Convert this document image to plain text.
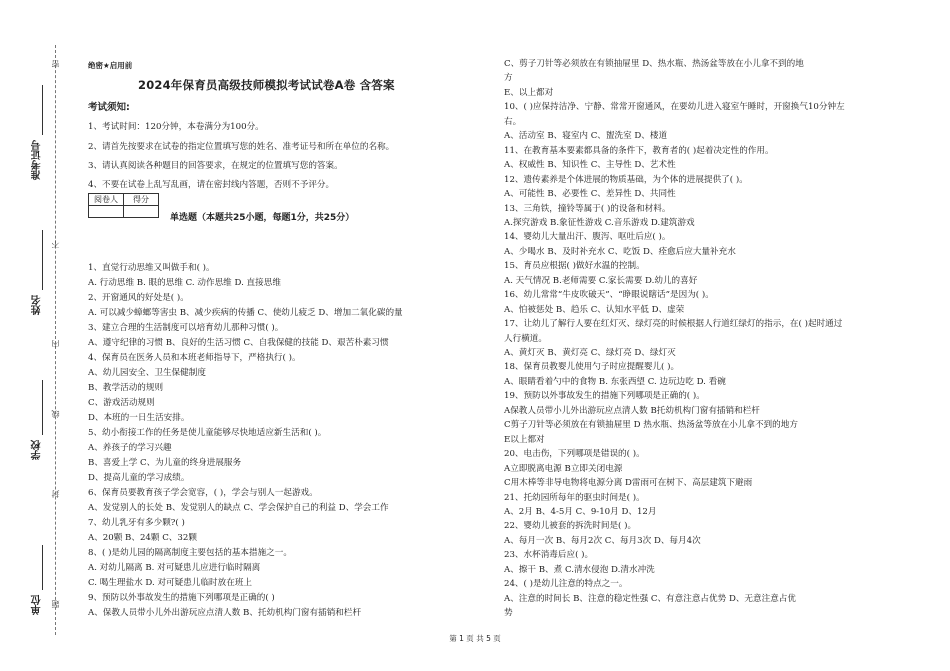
准考证号
姓名
学校
单位
密
不
内
线
封
题
绝密★启用前
2024年保育员高级技师模拟考试试卷A卷 含答案
考试须知:
1、考试时间：120分钟，本卷满分为100分。
2、请首先按要求在试卷的指定位置填写您的姓名、准考证号和所在单位的名称。
3、请认真阅读各种题目的回答要求，在规定的位置填写您的答案。
4、不要在试卷上乱写乱画，请在密封线内答题，否则不予评分。
阅卷人	得分

单选题（本题共25小题，每题1分，共25分）
1、直觉行动思维又叫做手和( )。
A. 行动思维 B. 眼的思维 C. 动作思维 D. 直接思维
2、开窗通风的好处是( )。
A. 可以减少蟑螂等害虫 B、减少疾病的传播 C、使幼儿疲乏 D、增加二氧化碳的量
3、建立合理的生活制度可以培育幼儿那种习惯( )。
A、遵守纪律的习惯 B、良好的生活习惯 C、自我保健的技能 D、艰苦朴素习惯
4、保育员在医务人员和本班老师指导下，严格执行( )。
A、幼儿园安全、卫生保健制度
B、教学活动的规则
C、游戏活动规则
D、本班的一日生活安排。
5、幼小衔接工作的任务是使儿童能够尽快地适应新生活和( )。
A、养孩子的学习兴趣
B、喜爱上学 C、为儿童的终身进展服务
D、提高儿童的学习成绩。
6、保育员要教育孩子学会宽容，( )，学会与别人一起游戏。
A、发觉别人的长处 B、发觉别人的缺点 C、学会保护自己的利益 D、学会工作
7、幼儿乳牙有多少颗?( )
A、20颗 B、24颗 C、32颗
8、( )是幼儿园的隔离制度主要包括的基本措施之一。
A. 对幼儿隔离 B. 对可疑患儿应进行临时隔离
C. 喝生理盐水 D. 对可疑患儿临时放在班上
9、预防以外事故发生的措施下列哪项是正确的( )
A、保教人员带小儿外出游玩应点清人数 B、托幼机构门窗有插销和栏杆
C、剪子刀针等必须放在有锁抽屉里 D、热水瓶、热汤盆等放在小儿拿不到的地
方
E、以上都对
10、( )应保持洁净、宁静、常常开窗通风，在要幼儿进入寝室午睡时，开窗换气10分钟左
右。
A、活动室 B、寝室内 C、盥洗室 D、楼道
11、在教育基本要素都具备的条件下，教育者的( )起着决定性的作用。
A、权威性 B、知识性 C、主导性 D、艺术性
12、遗传素养是个体进展的物质基础，为个体的进展提供了( )。
A、可能性 B、必要性 C、差异性 D、共同性
13、三角铁，撞铃等属于( )的设备和材料。
A.探究游戏 B.象征性游戏 C.音乐游戏 D.建筑游戏
14、婴幼儿大量出汗、腹泻、呕吐后应( )。
A、少喝水 B、及时补充水 C、吃饭 D、痊愈后应大量补充水
15、育员应根据( )做好水温的控制。
A. 天气情况 B.老师需要 C.家长需要 D.幼儿的喜好
16、幼儿常常“牛皮吹破天”、“睁眼说瞎话”是因为( )。
A、怕被惩处 B、趋乐 C、认知水平低 D、虚荣
17、让幼儿了解行人要在红灯灭、绿灯亮的时候根据人行道红绿灯的指示，在( )起时通过
人行横道。
A、黄灯灭 B、黄灯亮 C、绿灯亮 D、绿灯灭
18、保育员教婴儿使用勺子时应提醒婴儿( )。
A、眼睛看着勺中的食物 B. 东张西望 C. 边玩边吃 D. 看碗
19、预防以外事故发生的措施下列哪项是正确的( )。
A保教人员带小儿外出游玩应点清人数 B托幼机构门窗有插销和栏杆
C剪子刀针等必须放在有锁抽屉里 D 热水瓶、热汤盆等放在小儿拿不到的地方
E以上都对
20、电击伤，下列哪项是错误的( )。
A立即脱离电源 B立即关闭电源
C用木棒等非导电物将电源分离 D雷雨可在树下、高层建筑下避雨
21、托幼园所每年的驱虫时间是( )。
A、2月 B、4-5月 C、9-10月 D、12月
22、婴幼儿被套的拆洗时间是( )。
A、每月一次 B、每月2次 C、每月3次 D、每月4次
23、水杯消毒后应( )。
A、擦干 B、煮 C.清水侵泡 D.清水冲洗
24、( )是幼儿注意的特点之一。
A、注意的时间长 B、注意的稳定性强 C、有意注意占优势 D、无意注意占优
势
第 1 页 共 5 页
